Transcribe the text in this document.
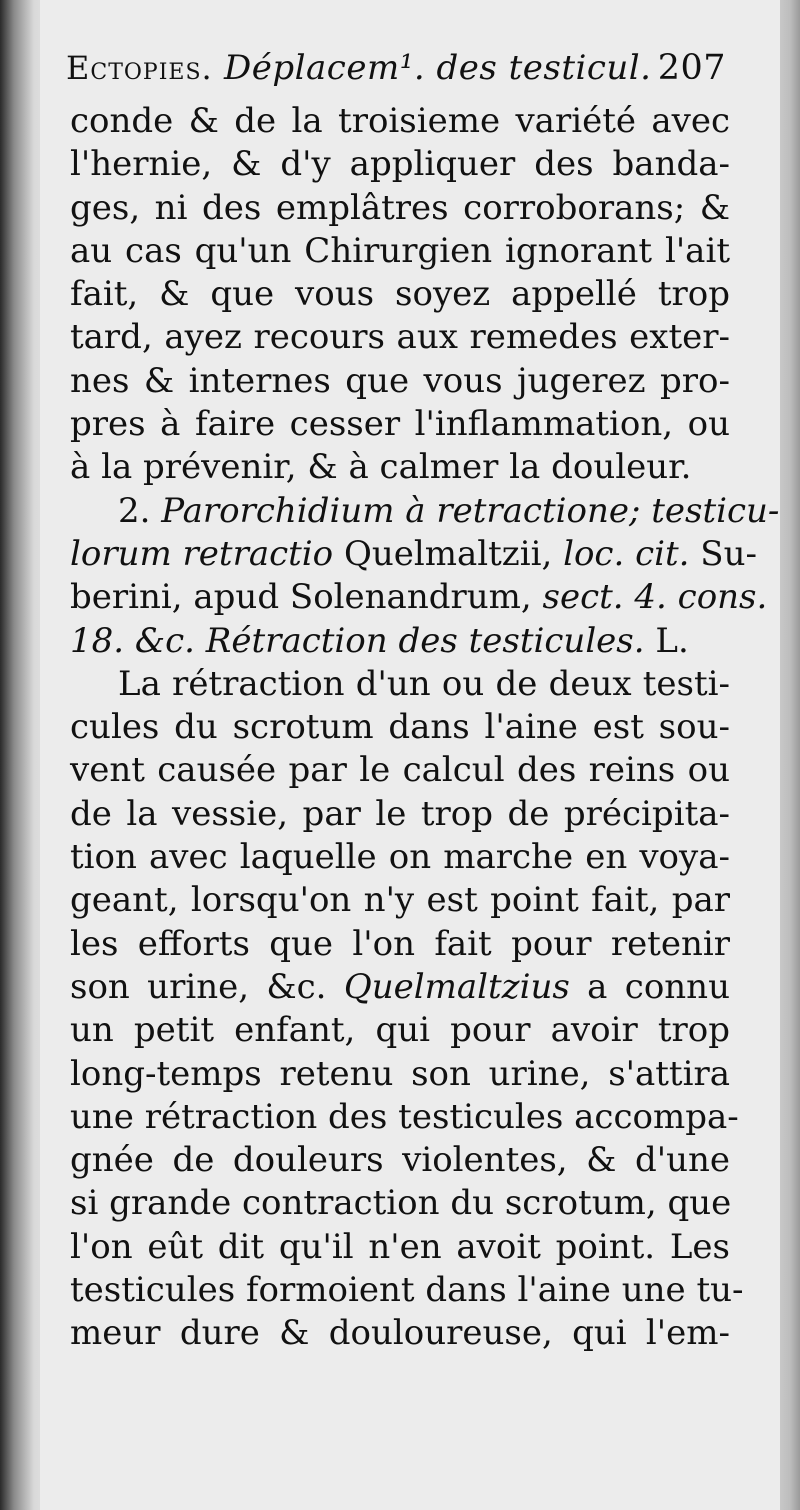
Ectopies. Déplacem¹. des testicul. 207
conde & de la troisieme variété avec
l'hernie, & d'y appliquer des banda-
ges, ni des emplâtres corroborans; &
au cas qu'un Chirurgien ignorant l'ait
fait, & que vous soyez appellé trop
tard, ayez recours aux remedes exter-
nes & internes que vous jugerez pro-
pres à faire cesser l'inflammation, ou
à la prévenir, & à calmer la douleur.
2. Parorchidium à retractione; testicu-
lorum retractio Quelmaltzii, loc. cit. Su-
berini, apud Solenandrum, sect. 4. cons.
18. &c. Rétraction des testicules. L.
La rétraction d'un ou de deux testi-
cules du scrotum dans l'aine est sou-
vent causée par le calcul des reins ou
de la vessie, par le trop de précipita-
tion avec laquelle on marche en voya-
geant, lorsqu'on n'y est point fait, par
les efforts que l'on fait pour retenir
son urine, &c. Quelmaltzius a connu
un petit enfant, qui pour avoir trop
long-temps retenu son urine, s'attira
une rétraction des testicules accompa-
gnée de douleurs violentes, & d'une
si grande contraction du scrotum, que
l'on eût dit qu'il n'en avoit point. Les
testicules formoient dans l'aine une tu-
meur dure & douloureuse, qui l'em-
